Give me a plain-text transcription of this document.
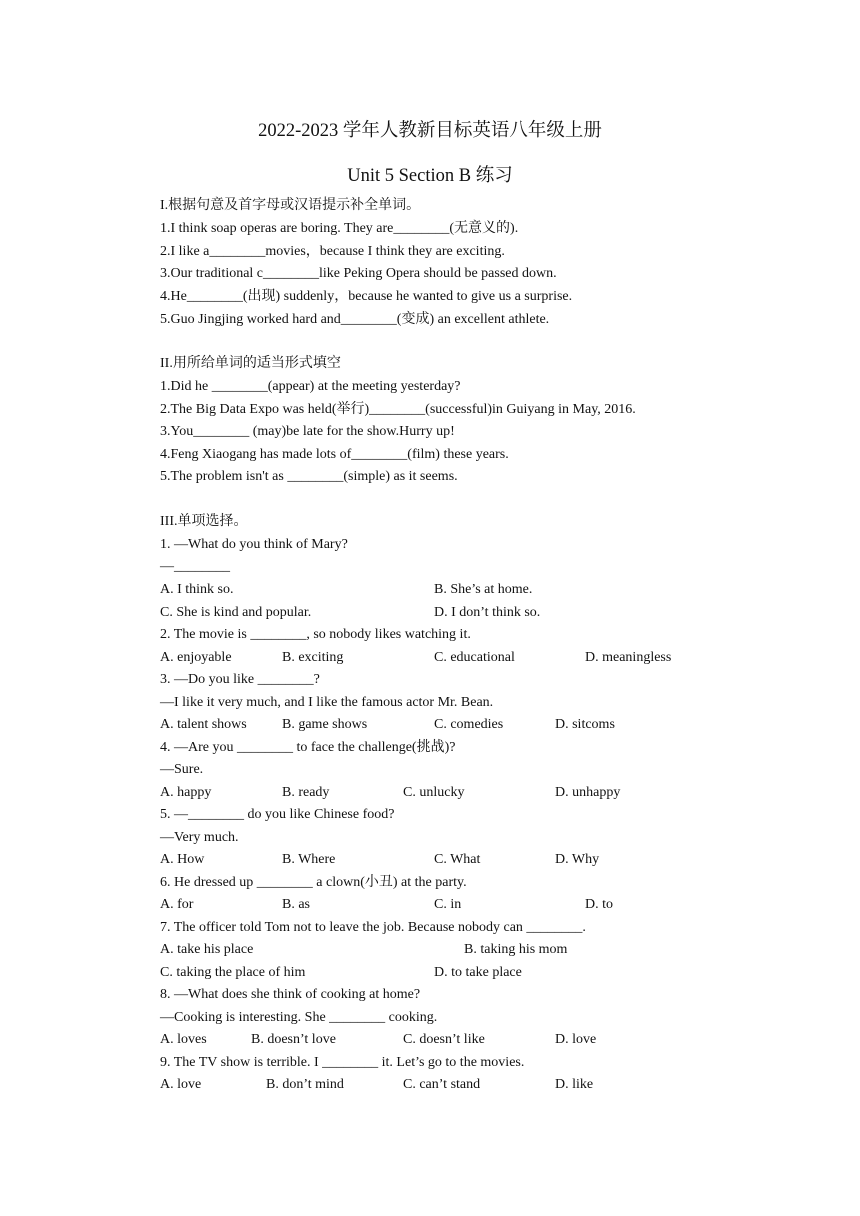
2022-2023 学年人教新目标英语八年级上册
Unit 5 Section B 练习
I.根据句意及首字母或汉语提示补全单词。
1.I think soap operas are boring. They are________(无意义的).
2.I like a________movies，because I think they are exciting.
3.Our traditional c________like Peking Opera should be passed down.
4.He________(出现) suddenly，because he wanted to give us a surprise.
5.Guo Jingjing worked hard and________(变成) an excellent athlete.
II.用所给单词的适当形式填空
1.Did he ________(appear) at the meeting yesterday?
2.The Big Data Expo was held(举行)________(successful)in Guiyang in May, 2016.
3.You________ (may)be late for the show.Hurry up!
4.Feng Xiaogang has made lots of________(film) these years.
5.The problem isn't as ________(simple) as it seems.
III.单项选择。
1. —What do you think of Mary?
—________
A. I think so.	B. She’s at home.
C. She is kind and popular.	D. I don’t think so.
2. The movie is ________, so nobody likes watching it.
A. enjoyable	B. exciting	C. educational	D. meaningless
3. —Do you like ________?
—I like it very much, and I like the famous actor Mr. Bean.
A. talent shows	B. game shows	C. comedies	D. sitcoms
4. —Are you ________ to face the challenge(挑战)?
—Sure.
A. happy	B. ready	C. unlucky	D. unhappy
5. —________ do you like Chinese food?
—Very much.
A. How	B. Where	C. What	D. Why
6. He dressed up ________ a clown(小丑) at the party.
A. for	B. as	C. in	D. to
7. The officer told Tom not to leave the job. Because nobody can ________.
A. take his place	B. taking his mom
C. taking the place of him	D. to take place
8. —What does she think of cooking at home?
—Cooking is interesting. She ________ cooking.
A. loves	B. doesn’t love	C. doesn’t like	D. love
9. The TV show is terrible. I ________ it. Let’s go to the movies.
A. love	B. don’t mind	C. can’t stand	D. like
